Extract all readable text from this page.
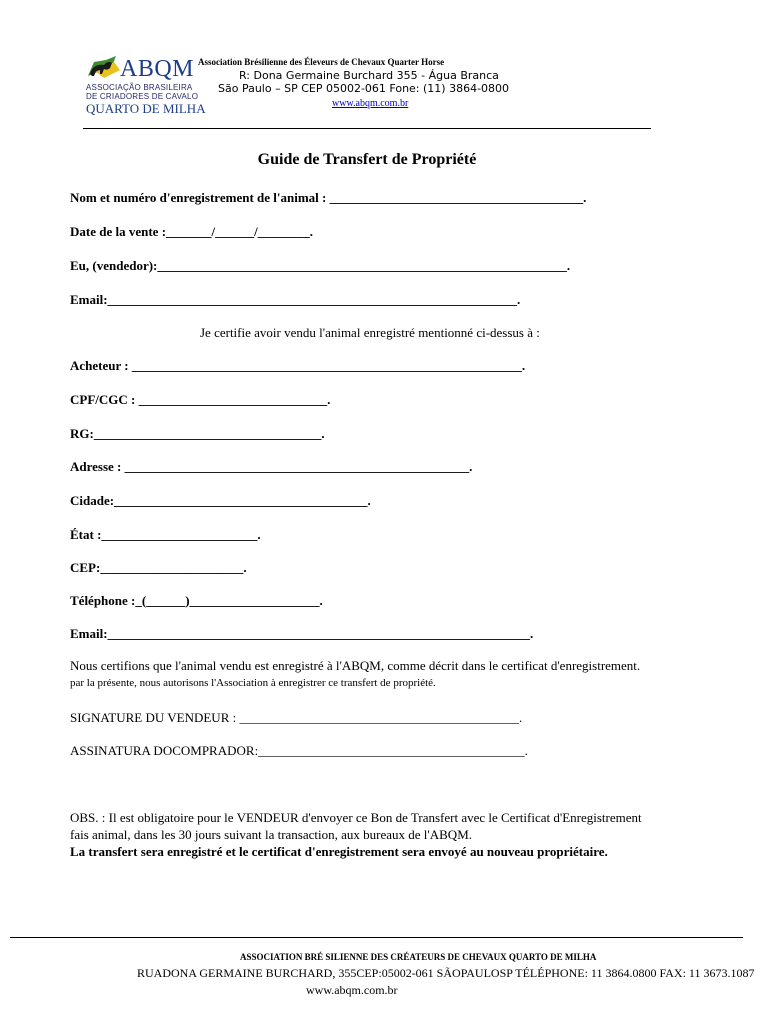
ABQM
ASSOCIAÇÃO BRASILEIRA
DE CRIADORES DE CAVALO
QUARTO DE MILHA
Association Brésilienne des Éleveurs de Chevaux Quarter Horse
R: Dona Germaine Burchard 355 - Água Branca
São Paulo – SP CEP 05002-061 Fone: (11) 3864-0800
www.abqm.com.br
Guide de Transfert de Propriété
Nom et numéro d'enregistrement de l'animal : _______________________________________.
Date de la vente :_______/______/________.
Eu, (vendedor):_______________________________________________________________.
Email:_______________________________________________________________.
Je certifie avoir vendu l'animal enregistré mentionné ci-dessus à :
Acheteur : ____________________________________________________________.
CPF/CGC : _____________________________.
RG:___________________________________.
Adresse : _____________________________________________________.
Cidade:_______________________________________.
État :________________________.
CEP:______________________.
Téléphone :_(______)____________________.
Email:_________________________________________________________________.
Nous certifions que l'animal vendu est enregistré à l'ABQM, comme décrit dans le certificat d'enregistrement.
par la présente, nous autorisons l'Association à enregistrer ce transfert de propriété.
SIGNATURE DU VENDEUR : ___________________________________________.
ASSINATURA DOCOMPRADOR:_________________________________________.
OBS. : Il est obligatoire pour le VENDEUR d'envoyer ce Bon de Transfert avec le Certificat d'Enregistrement
fais animal, dans les 30 jours suivant la transaction, aux bureaux de l'ABQM.
La transfert sera enregistré et le certificat d'enregistrement sera envoyé au nouveau propriétaire.
ASSOCIATION BRÉ SILIENNE DES CRÉATEURS DE CHEVAUX QUARTO DE MILHA
RUADONA GERMAINE BURCHARD, 355CEP:05002-061 SÃOPAULOSP TÉLÉPHONE: 11 3864.0800 FAX: 11 3673.1087
www.abqm.com.br
